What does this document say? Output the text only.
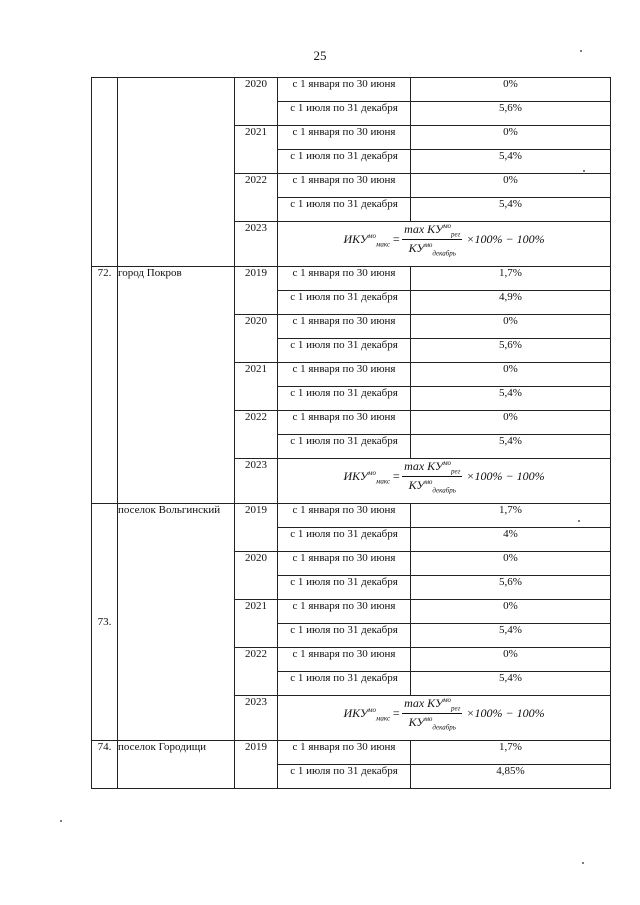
25
		2020	с 1 января по 30 июня	0%
			с 1 июля по 31 декабря	5,6%
		2021	с 1 января по 30 июня	0%
			с 1 июля по 31 декабря	5,4%
		2022	с 1 января по 30 июня	0%
			с 1 июля по 31 декабря	5,4%
		2023	$ИКУ^{мо}_{макс} = \frac{\max КУ^{мо}_{рег}}{КУ^{мо}_{декабрь}} \times 100\% - 100\%$	

72.	город Покров	2019	с 1 января по 30 июня	1,7%
			с 1 июля по 31 декабря	4,9%
		2020	с 1 января по 30 июня	0%
			с 1 июля по 31 декабря	5,6%
		2021	с 1 января по 30 июня	0%
			с 1 июля по 31 декабря	5,4%
		2022	с 1 января по 30 июня	0%
			с 1 июля по 31 декабря	5,4%
		2023	$ИКУ^{мо}_{макс} = \frac{\max КУ^{мо}_{рег}}{КУ^{мо}_{декабрь}} \times 100\% - 100\%$	

73.	поселок Вольгинский	2019	с 1 января по 30 июня	1,7%
			с 1 июля по 31 декабря	4%
		2020	с 1 января по 30 июня	0%
			с 1 июля по 31 декабря	5,6%
		2021	с 1 января по 30 июня	0%
			с 1 июля по 31 декабря	5,4%
		2022	с 1 января по 30 июня	0%
			с 1 июля по 31 декабря	5,4%
		2023	$ИКУ^{мо}_{макс} = \frac{\max КУ^{мо}_{рег}}{КУ^{мо}_{декабрь}} \times 100\% - 100\%$	

74.	поселок Городищи	2019	с 1 января по 30 июня	1,7%
			с 1 июля по 31 декабря	4,85%
